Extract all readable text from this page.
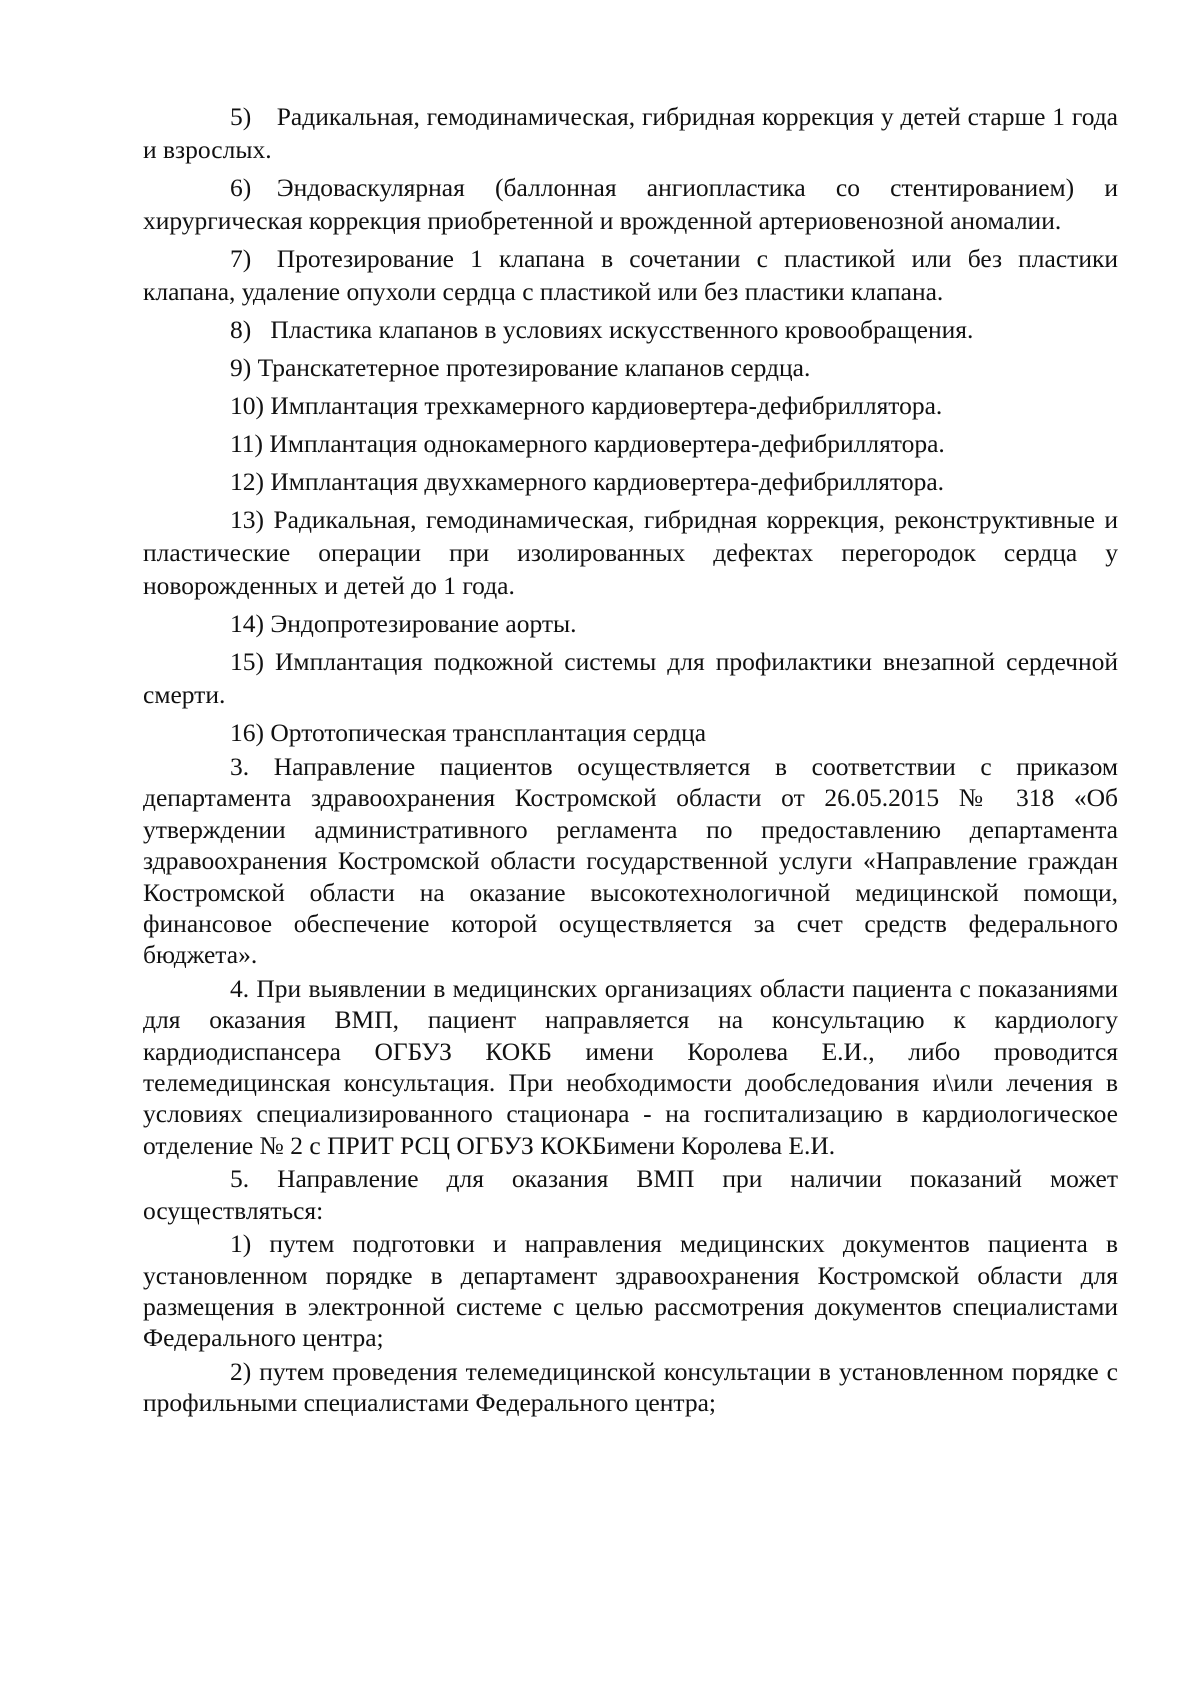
5) Радикальная, гемодинамическая, гибридная коррекция у детей старше 1 года и взрослых.

6) Эндоваскулярная (баллонная ангиопластика со стентированием) и хирургическая коррекция приобретенной и врожденной артериовенозной аномалии.

7) Протезирование 1 клапана в сочетании с пластикой или без пластики клапана, удаление опухоли сердца с пластикой или без пластики клапана.

8)  Пластика клапанов в условиях искусственного кровообращения.

9) Транскатетерное протезирование клапанов сердца.

10) Имплантация трехкамерного кардиовертера-дефибриллятора.

11) Имплантация однокамерного кардиовертера-дефибриллятора.

12) Имплантация двухкамерного кардиовертера-дефибриллятора.

13) Радикальная, гемодинамическая, гибридная коррекция, реконструктивные и пластические операции при изолированных дефектах перегородок сердца у новорожденных и детей до 1 года.

14) Эндопротезирование аорты.

15) Имплантация подкожной системы для профилактики внезапной сердечной смерти.

16) Ортотопическая трансплантация сердца

3. Направление пациентов осуществляется в соответствии с приказом департамента здравоохранения Костромской области от 26.05.2015 № 318 «Об утверждении административного регламента по предоставлению департамента здравоохранения Костромской области государственной услуги «Направление граждан Костромской области на оказание высокотехнологичной медицинской помощи, финансовое обеспечение которой осуществляется за счет средств федерального бюджета».

4. При выявлении в медицинских организациях области пациента с показаниями для оказания ВМП, пациент направляется на консультацию к кардиологу кардиодиспансера ОГБУЗ КОКБ имени Королева Е.И., либо проводится телемедицинская консультация. При необходимости дообследования и\или лечения в условиях специализированного стационара - на госпитализацию в кардиологическое отделение № 2 с ПРИТ РСЦ ОГБУЗ КОКБимени Королева Е.И.

5. Направление для оказания ВМП при наличии показаний может осуществляться:

1) путем подготовки и направления медицинских документов пациента в установленном порядке в департамент здравоохранения Костромской области для размещения в электронной системе с целью рассмотрения документов специалистами Федерального центра;

2) путем проведения телемедицинской консультации в установленном порядке с профильными специалистами Федерального центра;
